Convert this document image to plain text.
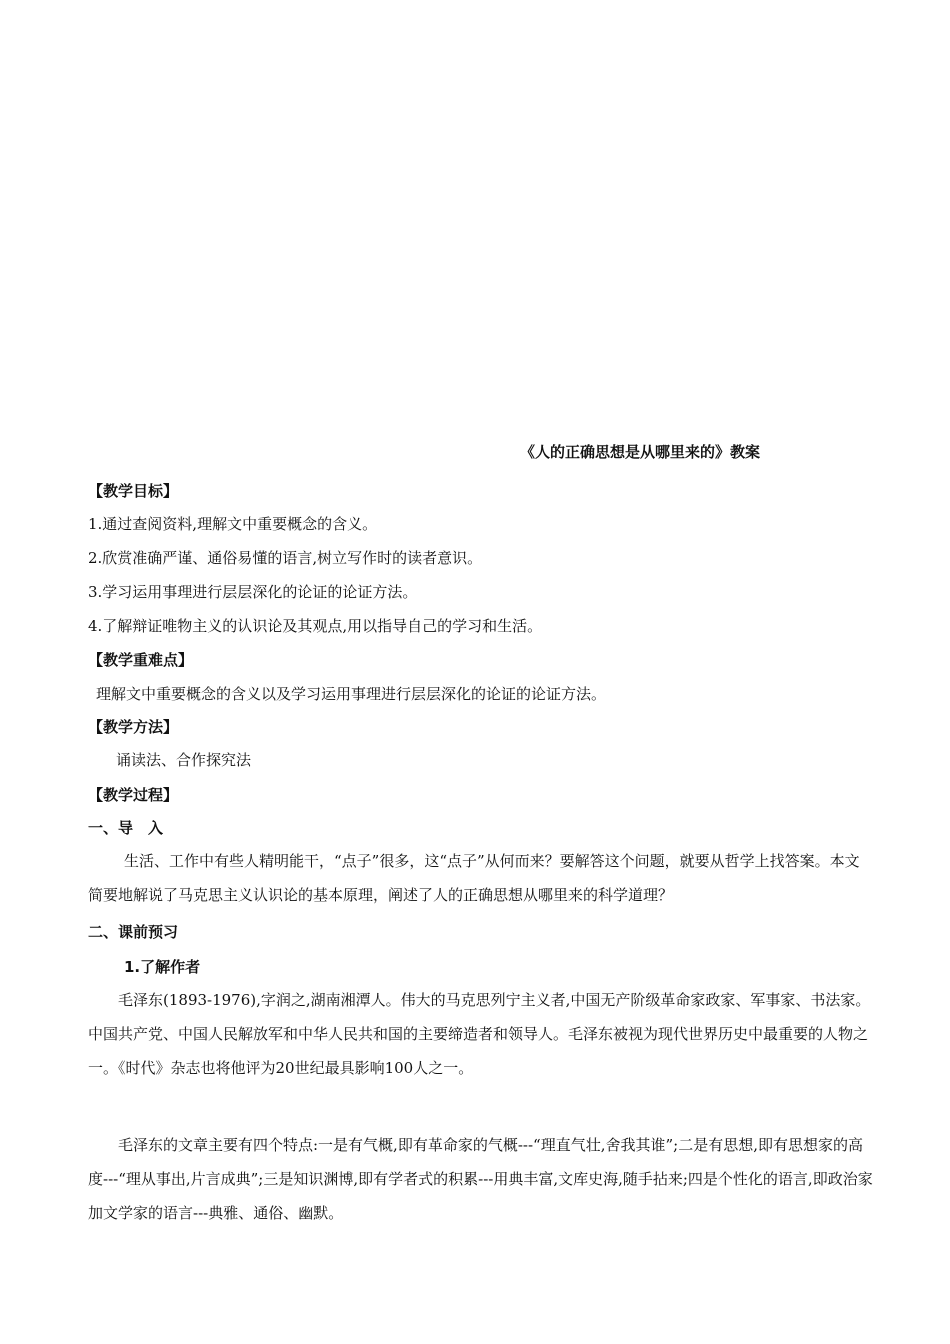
《人的正确思想是从哪里来的》教案
【教学目标】
1.通过查阅资料,理解文中重要概念的含义。
2.欣赏准确严谨、通俗易懂的语言,树立写作时的读者意识。
3.学习运用事理进行层层深化的论证的论证方法。
4.了解辩证唯物主义的认识论及其观点,用以指导自己的学习和生活。
【教学重难点】
理解文中重要概念的含义以及学习运用事理进行层层深化的论证的论证方法。
【教学方法】
诵读法、合作探究法
【教学过程】
一、导　入
生活、工作中有些人精明能干，“点子”很多，这“点子”从何而来？要解答这个问题，就要从哲学上找答案。本文简要地解说了马克思主义认识论的基本原理，阐述了人的正确思想从哪里来的科学道理？
二、课前预习
1.了解作者
毛泽东(1893-1976),字润之,湖南湘潭人。伟大的马克思列宁主义者,中国无产阶级革命家政家、军事家、书法家。中国共产党、中国人民解放军和中华人民共和国的主要缔造者和领导人。毛泽东被视为现代世界历史中最重要的人物之一。《时代》杂志也将他评为20世纪最具影响100人之一。
毛泽东的文章主要有四个特点:一是有气概,即有革命家的气概---“理直气壮,舍我其谁”;二是有思想,即有思想家的高度---“理从事出,片言成典”;三是知识渊博,即有学者式的积累---用典丰富,文库史海,随手拈来;四是个性化的语言,即政治家加文学家的语言---典雅、通俗、幽默。
